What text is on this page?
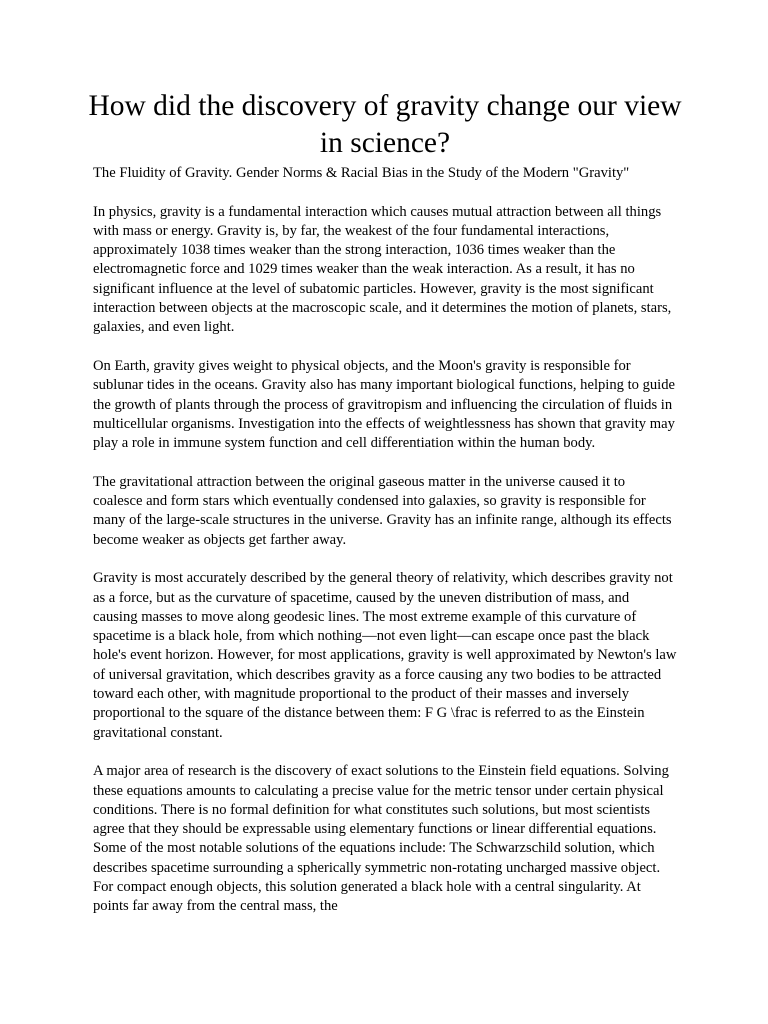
How did the discovery of gravity change our view in science?

The Fluidity of Gravity. Gender Norms & Racial Bias in the Study of the Modern "Gravity"

In physics, gravity is a fundamental interaction which causes mutual attraction between all things with mass or energy. Gravity is, by far, the weakest of the four fundamental interactions, approximately 1038 times weaker than the strong interaction, 1036 times weaker than the electromagnetic force and 1029 times weaker than the weak interaction. As a result, it has no significant influence at the level of subatomic particles. However, gravity is the most significant interaction between objects at the macroscopic scale, and it determines the motion of planets, stars, galaxies, and even light.

On Earth, gravity gives weight to physical objects, and the Moon's gravity is responsible for sublunar tides in the oceans. Gravity also has many important biological functions, helping to guide the growth of plants through the process of gravitropism and influencing the circulation of fluids in multicellular organisms. Investigation into the effects of weightlessness has shown that gravity may play a role in immune system function and cell differentiation within the human body.

The gravitational attraction between the original gaseous matter in the universe caused it to coalesce and form stars which eventually condensed into galaxies, so gravity is responsible for many of the large-scale structures in the universe. Gravity has an infinite range, although its effects become weaker as objects get farther away.

Gravity is most accurately described by the general theory of relativity, which describes gravity not as a force, but as the curvature of spacetime, caused by the uneven distribution of mass, and causing masses to move along geodesic lines. The most extreme example of this curvature of spacetime is a black hole, from which nothing—not even light—can escape once past the black hole's event horizon. However, for most applications, gravity is well approximated by Newton's law of universal gravitation, which describes gravity as a force causing any two bodies to be attracted toward each other, with magnitude proportional to the product of their masses and inversely proportional to the square of the distance between them: F G \frac is referred to as the Einstein gravitational constant.

A major area of research is the discovery of exact solutions to the Einstein field equations. Solving these equations amounts to calculating a precise value for the metric tensor under certain physical conditions. There is no formal definition for what constitutes such solutions, but most scientists agree that they should be expressable using elementary functions or linear differential equations. Some of the most notable solutions of the equations include: The Schwarzschild solution, which describes spacetime surrounding a spherically symmetric non-rotating uncharged massive object. For compact enough objects, this solution generated a black hole with a central singularity. At points far away from the central mass, the
